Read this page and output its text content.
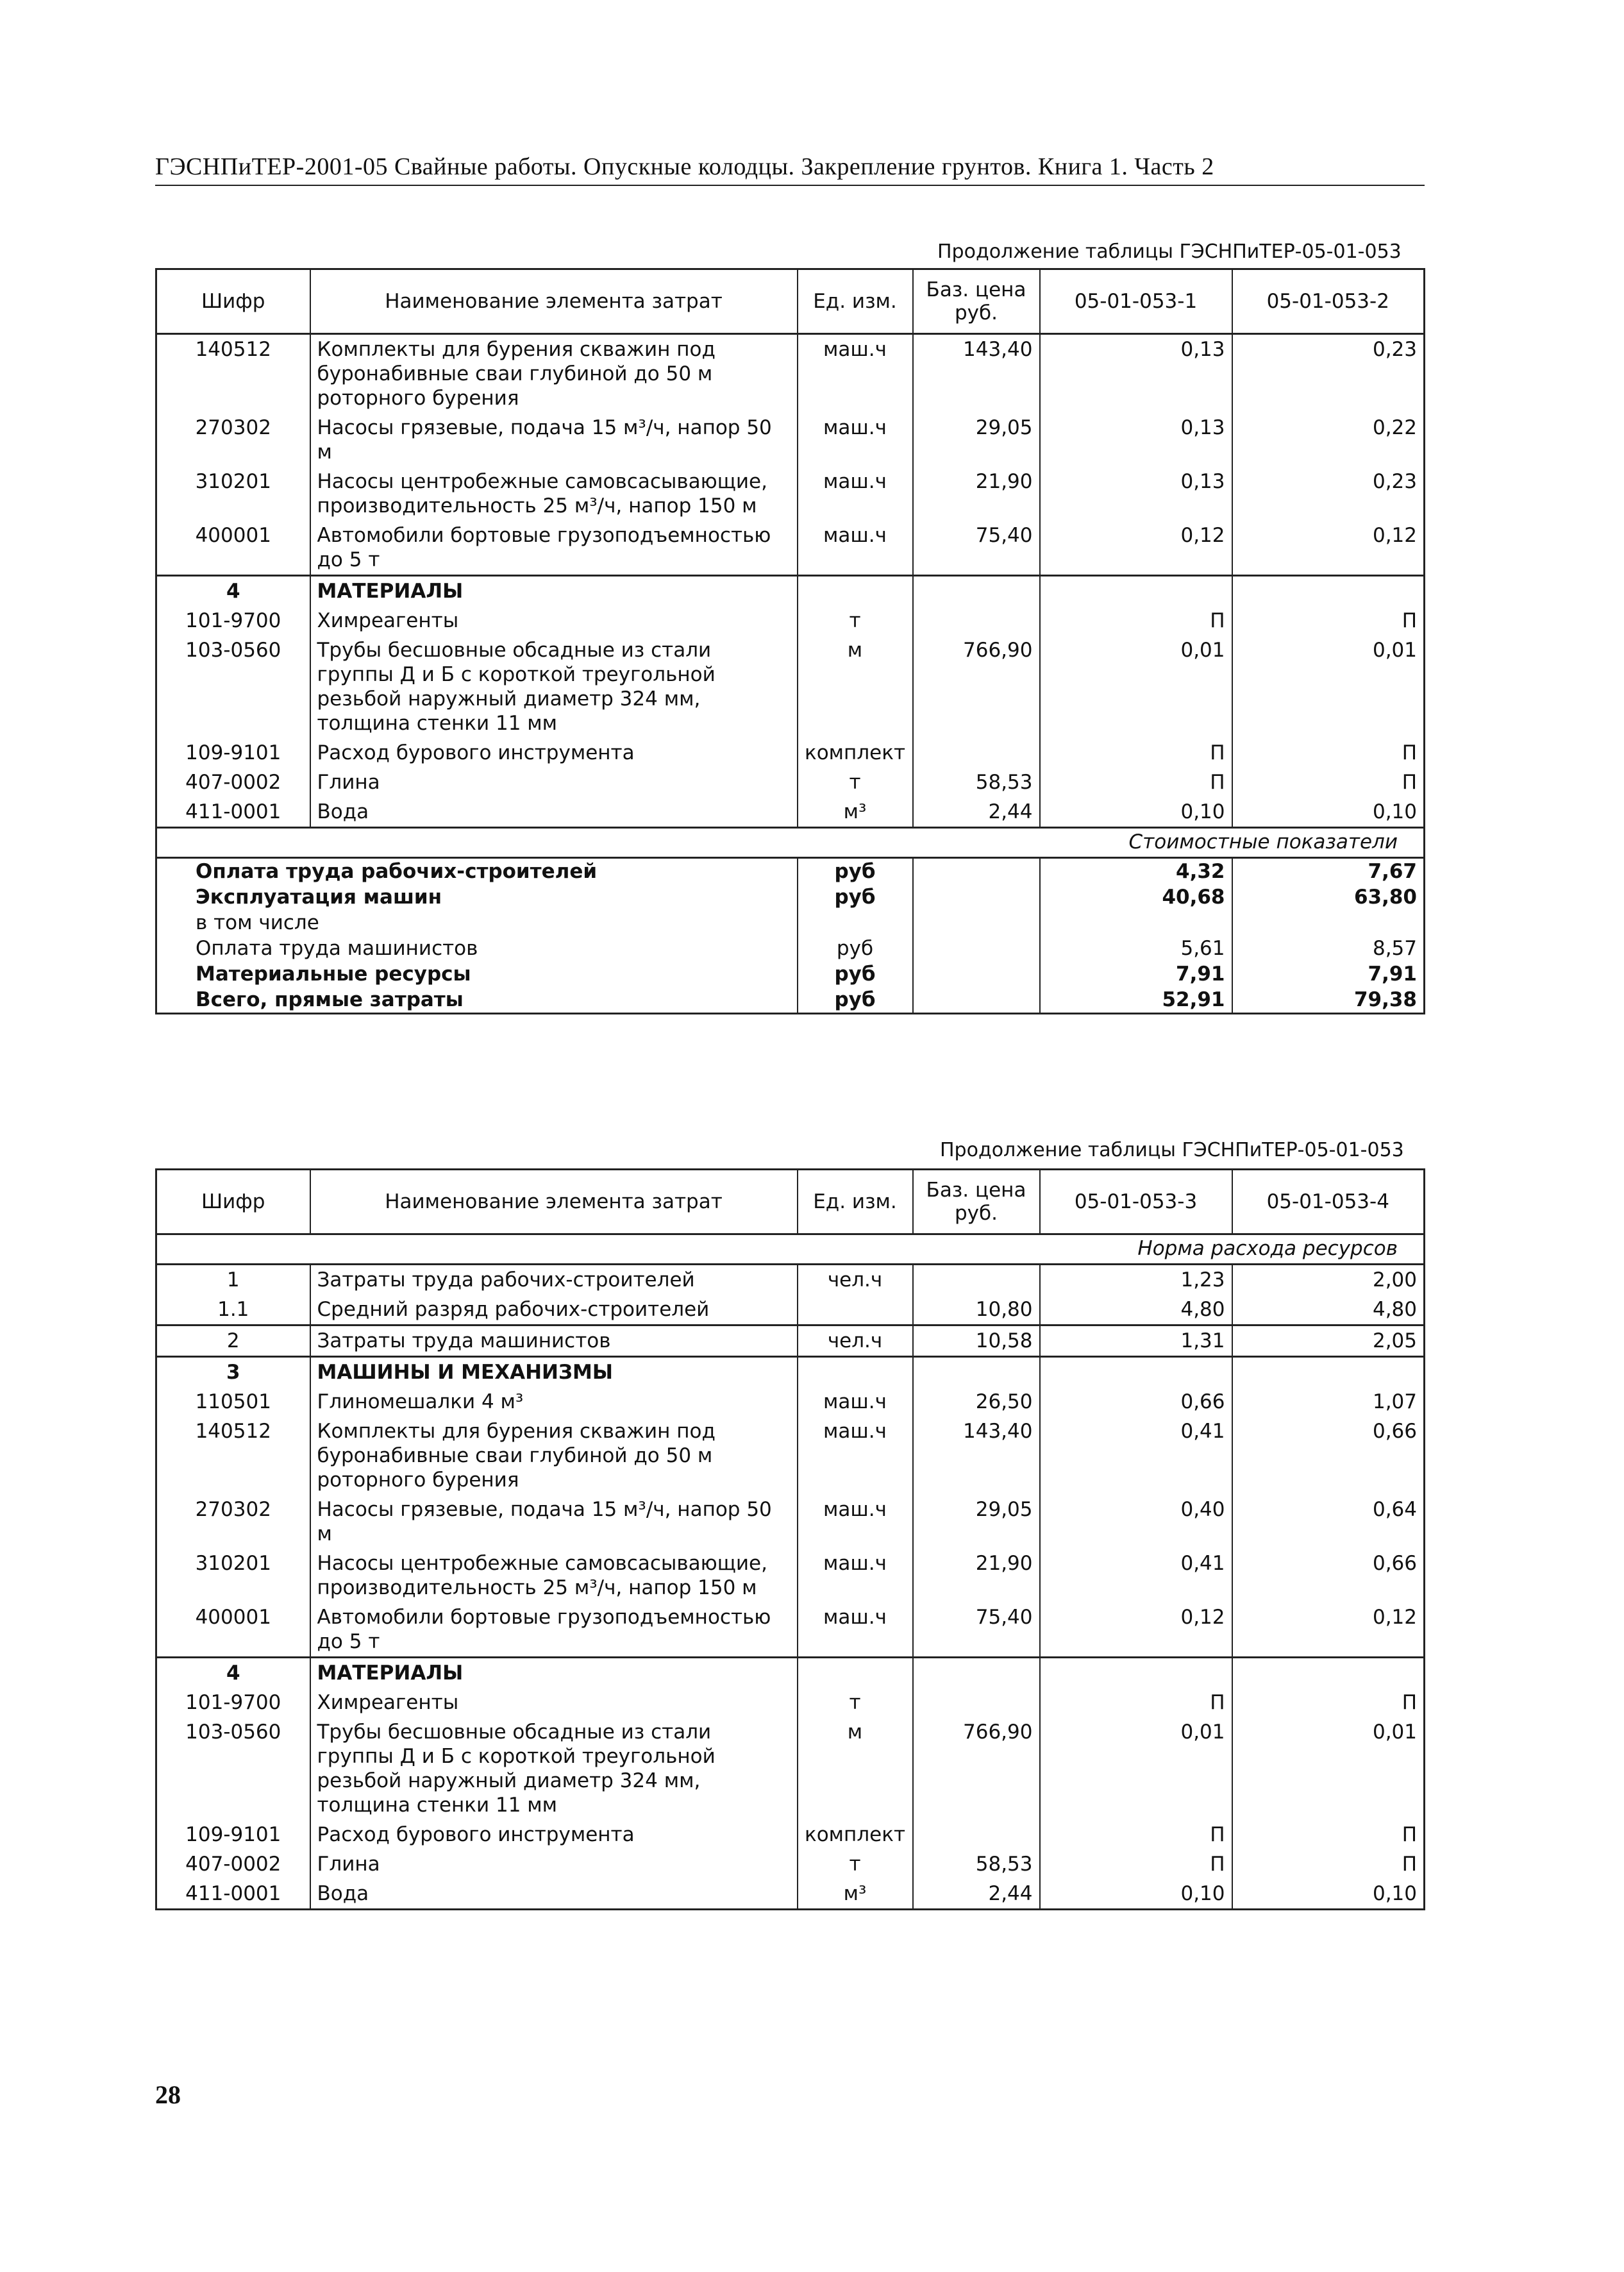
ГЭСНПиТЕР-2001-05 Свайные работы. Опускные колодцы. Закрепление грунтов. Книга 1. Часть 2
Продолжение таблицы ГЭСНПиТЕР-05-01-053
Шифр	Наименование элемента затрат	Ед. изм.	Баз. цена руб.	05-01-053-1	05-01-053-2
140512	Комплекты для бурения скважин под буронабивные сваи глубиной до 50 м роторного бурения	маш.ч	143,40	0,13	0,23
270302	Насосы грязевые, подача 15 м³/ч, напор 50 м	маш.ч	29,05	0,13	0,22
310201	Насосы центробежные самовсасывающие, производительность 25 м³/ч, напор 150 м	маш.ч	21,90	0,13	0,23
400001	Автомобили бортовые грузоподъемностью до 5 т	маш.ч	75,40	0,12	0,12
4	МАТЕРИАЛЫ				
101-9700	Химреагенты	т		П	П
103-0560	Трубы бесшовные обсадные из стали группы Д и Б с короткой треугольной резьбой наружный диаметр 324 мм, толщина стенки 11 мм	м	766,90	0,01	0,01
109-9101	Расход бурового инструмента	комплект		П	П
407-0002	Глина	т	58,53	П	П
411-0001	Вода	м³	2,44	0,10	0,10
				Стоимостные показатели	
Оплата труда рабочих-строителей		руб		4,32	7,67
Эксплуатация машин		руб		40,68	63,80
в том числе					
Оплата труда машинистов		руб		5,61	8,57
Материальные ресурсы		руб		7,91	7,91
Всего, прямые затраты		руб		52,91	79,38
Продолжение таблицы ГЭСНПиТЕР-05-01-053
Шифр	Наименование элемента затрат	Ед. изм.	Баз. цена руб.	05-01-053-3	05-01-053-4
				Норма расхода ресурсов	
1	Затраты труда рабочих-строителей	чел.ч		1,23	2,00
1.1	Средний разряд рабочих-строителей		10,80	4,80	4,80
2	Затраты труда машинистов	чел.ч	10,58	1,31	2,05
3	МАШИНЫ И МЕХАНИЗМЫ				
110501	Глиномешалки 4 м³	маш.ч	26,50	0,66	1,07
140512	Комплекты для бурения скважин под буронабивные сваи глубиной до 50 м роторного бурения	маш.ч	143,40	0,41	0,66
270302	Насосы грязевые, подача 15 м³/ч, напор 50 м	маш.ч	29,05	0,40	0,64
310201	Насосы центробежные самовсасывающие, производительность 25 м³/ч, напор 150 м	маш.ч	21,90	0,41	0,66
400001	Автомобили бортовые грузоподъемностью до 5 т	маш.ч	75,40	0,12	0,12
4	МАТЕРИАЛЫ				
101-9700	Химреагенты	т		П	П
103-0560	Трубы бесшовные обсадные из стали группы Д и Б с короткой треугольной резьбой наружный диаметр 324 мм, толщина стенки 11 мм	м	766,90	0,01	0,01
109-9101	Расход бурового инструмента	комплект		П	П
407-0002	Глина	т	58,53	П	П
411-0001	Вода	м³	2,44	0,10	0,10
28
